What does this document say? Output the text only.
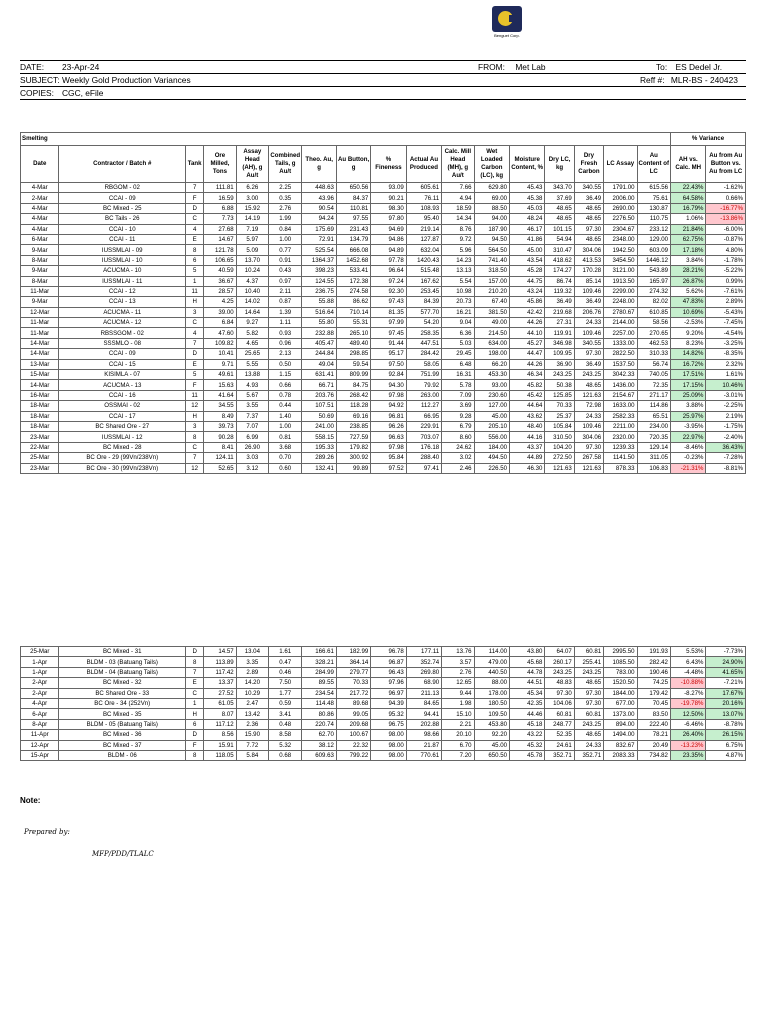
Benguet Corp.
DATE: 23-Apr-24	FROM: Met Lab	To: ES Dedel Jr.
SUBJECT: Weekly Gold Production Variances	Reff #: MLR-BS - 240423
COPIES: CGC, eFile
Smelting																	% Variance	
Date	Contractor / Batch #	Tank	Ore Milled, Tons	Assay Head (AH), g Au/t	Combined Tails, g Au/t	Theo. Au, g	Au Button, g	% Fineness	Actual Au Produced	Calc. Mill Head (MH), g Au/t	Wet Loaded Carbon (LC), kg	Moisture Content, %	Dry LC, kg	Dry Fresh Carbon	LC Assay	Au Content of LC	AH vs. Calc. MH	Au from Au Button vs. Au from LC
4-Mar	RBGOM - 02	7	111.81	6.26	2.25	448.63	650.56	93.09	605.61	7.66	629.80	45.43	343.70	340.55	1791.00	615.56	22.43%	-1.62%
2-Mar	CCAI - 09	F	16.59	3.00	0.35	43.96	84.37	90.21	76.11	4.94	69.00	45.38	37.69	36.49	2006.00	75.61	64.58%	0.66%
4-Mar	BC Mixed - 25	D	6.88	15.92	2.76	90.54	110.81	98.30	108.93	18.59	88.50	45.03	48.65	48.65	2690.00	130.87	16.79%	-16.77%
4-Mar	BC Tails - 26	C	7.73	14.19	1.99	94.24	97.55	97.80	95.40	14.34	94.00	48.24	48.65	48.65	2276.50	110.75	1.06%	-13.86%
4-Mar	CCAI - 10	4	27.68	7.19	0.84	175.69	231.43	94.69	219.14	8.76	187.90	46.17	101.15	97.30	2304.67	233.12	21.84%	-6.00%
6-Mar	CCAI - 11	E	14.67	5.97	1.00	72.91	134.79	94.86	127.87	9.72	94.50	41.86	54.94	48.65	2348.00	129.00	62.75%	-0.87%
9-Mar	IUSSMLAI - 09	8	121.78	5.09	0.77	525.54	666.08	94.89	632.04	5.96	564.50	45.00	310.47	304.06	1942.50	603.09	17.18%	4.80%
8-Mar	IUSSMLAI - 10	6	106.65	13.70	0.91	1364.37	1452.68	97.78	1420.43	14.23	741.40	43.54	418.62	413.53	3454.50	1446.12	3.84%	-1.78%
9-Mar	ACUCMA - 10	5	40.59	10.24	0.43	398.23	533.41	96.64	515.48	13.13	318.50	45.28	174.27	170.28	3121.00	543.89	28.21%	-5.22%
8-Mar	IUSSMLAI - 11	1	36.67	4.37	0.97	124.55	172.38	97.24	167.62	5.54	157.00	44.75	86.74	85.14	1913.50	165.97	26.87%	0.99%
11-Mar	CCAI - 12	11	28.57	10.40	2.11	236.75	274.58	92.30	253.45	10.98	210.20	43.24	119.32	109.46	2299.00	274.32	5.62%	-7.61%
9-Mar	CCAI - 13	H	4.25	14.02	0.87	55.88	86.62	97.43	84.39	20.73	67.40	45.86	36.49	36.49	2248.00	82.02	47.83%	2.89%
12-Mar	ACUCMA - 11	3	39.00	14.64	1.39	516.64	710.14	81.35	577.70	16.21	381.50	42.42	219.68	206.76	2780.67	610.85	10.69%	-5.43%
11-Mar	ACUCMA - 12	C	6.84	9.27	1.11	55.80	55.31	97.99	54.20	9.04	49.00	44.26	27.31	24.33	2144.00	58.56	-2.53%	-7.45%
11-Mar	RBSSGOM - 02	4	47.60	5.82	0.93	232.88	265.10	97.45	258.35	6.36	214.50	44.10	119.91	109.46	2257.00	270.65	9.20%	-4.54%
14-Mar	SSSMLO - 08	7	109.82	4.65	0.96	405.47	489.40	91.44	447.51	5.03	634.00	45.27	346.98	340.55	1333.00	462.53	8.23%	-3.25%
14-Mar	CCAI - 09	D	10.41	25.65	2.13	244.84	298.85	95.17	284.42	29.45	198.00	44.47	109.95	97.30	2822.50	310.33	14.82%	-8.35%
13-Mar	CCAI - 15	E	9.71	5.55	0.50	49.04	59.54	97.50	58.05	6.48	66.20	44.26	36.90	36.49	1537.50	56.74	16.72%	2.32%
15-Mar	KISIMLA - 07	5	49.61	13.88	1.15	631.41	809.99	92.84	751.99	16.31	453.30	46.34	243.25	243.25	3042.33	740.05	17.51%	1.61%
14-Mar	ACUCMA - 13	F	15.63	4.93	0.66	66.71	84.75	94.30	79.92	5.78	93.00	45.82	50.38	48.65	1436.00	72.35	17.15%	10.46%
16-Mar	CCAI - 16	11	41.64	5.67	0.78	203.76	268.42	97.98	263.00	7.09	230.60	45.42	125.85	121.63	2154.67	271.17	25.09%	-3.01%
18-Mar	OSSMAI - 02	12	34.55	3.55	0.44	107.51	118.28	94.92	112.27	3.69	127.00	44.64	70.33	72.98	1633.00	114.86	3.88%	-2.25%
18-Mar	CCAI - 17	H	8.49	7.37	1.40	50.69	69.16	96.81	66.95	9.28	45.00	43.62	25.37	24.33	2582.33	65.51	25.97%	2.19%
18-Mar	BC Shared Ore - 27	3	39.73	7.07	1.00	241.00	238.85	96.26	229.91	6.79	205.10	48.40	105.84	109.46	2211.00	234.00	-3.95%	-1.75%
23-Mar	IUSSMLAI - 12	8	90.28	6.99	0.81	558.15	727.59	96.63	703.07	8.60	556.00	44.16	310.50	304.06	2320.00	720.35	22.97%	-2.40%
22-Mar	BC Mixed - 28	C	8.41	26.90	3.68	195.33	179.82	97.98	176.18	24.62	184.00	43.37	104.20	97.30	1239.33	129.14	-8.46%	36.43%
25-Mar	BC Ore - 29 (99Vn/238Vn)	7	124.11	3.03	0.70	289.26	300.92	95.84	288.40	3.02	494.50	44.89	272.50	267.58	1141.50	311.05	-0.23%	-7.28%
23-Mar	BC Ore - 30 (99Vn/238Vn)	12	52.65	3.12	0.60	132.41	99.89	97.52	97.41	2.46	226.50	46.30	121.63	121.63	878.33	106.83	-21.31%	-8.81%
25-Mar	BC Mixed - 31	D	14.57	13.04	1.61	166.61	182.99	96.78	177.11	13.76	114.00	43.80	64.07	60.81	2995.50	191.93	5.53%	-7.73%
1-Apr	BLDM - 03 (Batuang Tails)	8	113.89	3.35	0.47	328.21	364.14	96.87	352.74	3.57	479.00	45.68	260.17	255.41	1085.50	282.42	6.43%	24.90%
1-Apr	BLDM - 04 (Batuang Tails)	7	117.42	2.89	0.46	284.99	279.77	96.43	269.80	2.76	440.50	44.78	243.25	243.25	783.00	190.46	-4.48%	41.65%
2-Apr	BC Mixed - 32	E	13.37	14.20	7.50	89.55	70.33	97.96	68.90	12.65	88.00	44.51	48.83	48.65	1520.50	74.25	-10.88%	-7.21%
2-Apr	BC Shared Ore - 33	C	27.52	10.29	1.77	234.54	217.72	96.97	211.13	9.44	178.00	45.34	97.30	97.30	1844.00	179.42	-8.27%	17.67%
4-Apr	BC Ore - 34 (252Vn)	1	61.05	2.47	0.59	114.48	89.68	94.39	84.65	1.98	180.50	42.35	104.06	97.30	677.00	70.45	-19.78%	20.16%
6-Apr	BC Mixed - 35	H	8.07	13.42	3.41	80.86	99.05	95.32	94.41	15.10	109.50	44.46	60.81	60.81	1373.00	83.50	12.50%	13.07%
8-Apr	BLDM - 05 (Batuang Tails)	6	117.12	2.36	0.48	220.74	209.68	96.75	202.88	2.21	453.80	45.18	248.77	243.25	894.00	222.40	-6.46%	-8.78%
11-Apr	BC Mixed - 36	D	8.56	15.90	8.58	62.70	100.67	98.00	98.66	20.10	92.20	43.22	52.35	48.65	1494.00	78.21	26.40%	26.15%
12-Apr	BC Mixed - 37	F	15.91	7.72	5.32	38.12	22.32	98.00	21.87	6.70	45.00	45.32	24.61	24.33	832.67	20.49	-13.23%	6.75%
15-Apr	BLDM - 06	8	118.05	5.84	0.68	609.63	799.22	98.00	770.61	7.20	650.50	45.78	352.71	352.71	2083.33	734.82	23.35%	4.87%
Note:
Prepared by:
MFP/PDD/TLALC
